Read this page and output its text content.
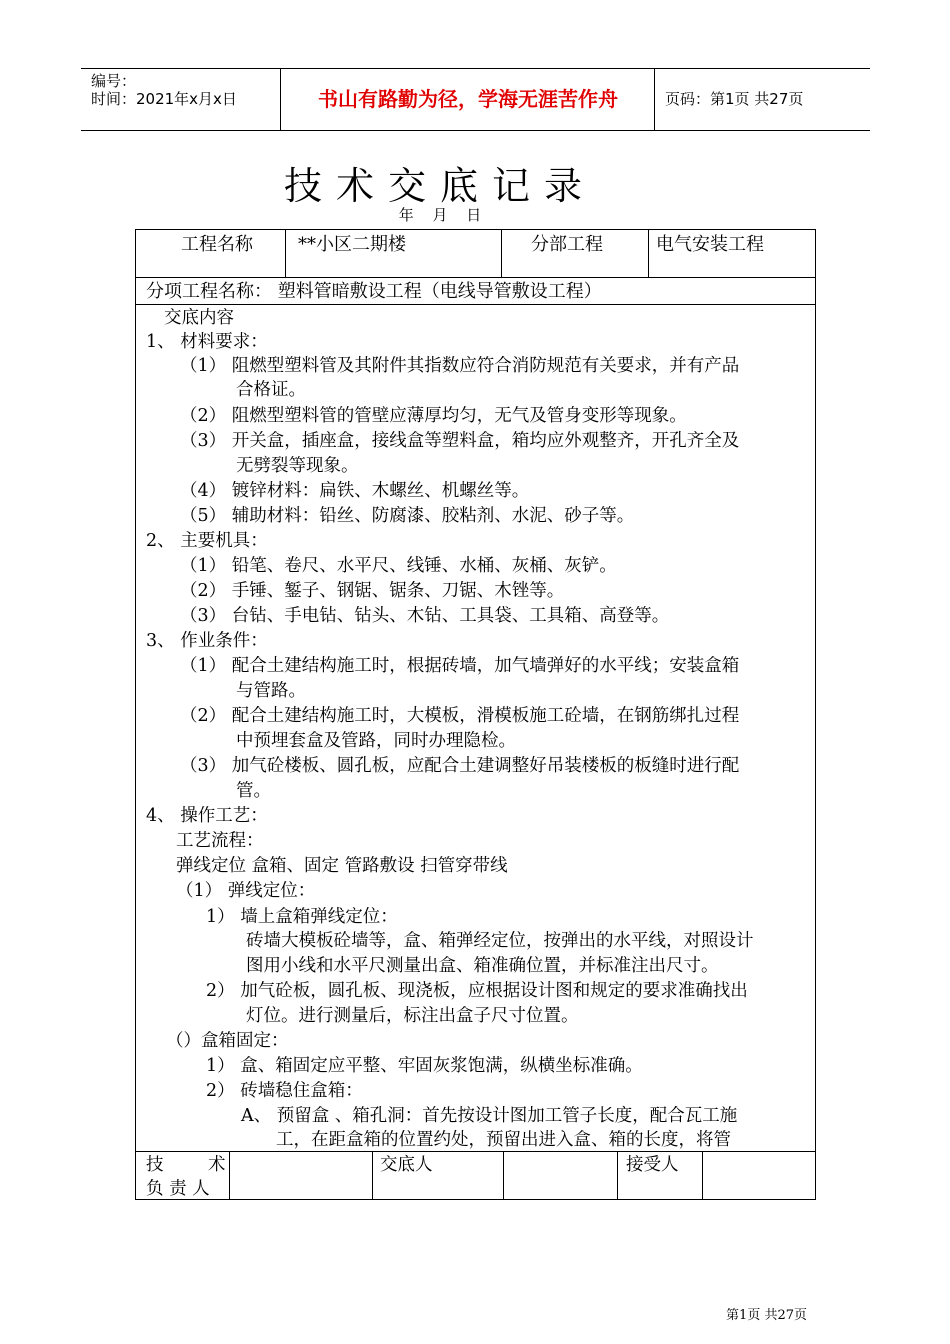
编号：
时间：2021年x月x日	书山有路勤为径，学海无涯苦作舟	页码：第1页 共27页
技术交底记录
年 月 日
工程名称	**小区二期楼	分部工程	电气安装工程
分项工程名称： 塑料管暗敷设工程（电线导管敷设工程）
交底内容
1、 材料要求：
（1） 阻燃型塑料管及其附件其指数应符合消防规范有关要求，并有产品
合格证。
（2） 阻燃型塑料管的管壁应薄厚均匀，无气及管身变形等现象。
（3） 开关盒，插座盒，接线盒等塑料盒，箱均应外观整齐，开孔齐全及
无劈裂等现象。
（4） 镀锌材料：扁铁、木螺丝、机螺丝等。
（5） 辅助材料：铅丝、防腐漆、胶粘剂、水泥、砂子等。
2、 主要机具：
（1） 铅笔、卷尺、水平尺、线锤、水桶、灰桶、灰铲。
（2） 手锤、錾子、钢锯、锯条、刀锯、木锉等。
（3） 台钻、手电钻、钻头、木钻、工具袋、工具箱、高登等。
3、 作业条件：
（1） 配合土建结构施工时，根据砖墙，加气墙弹好的水平线；安装盒箱
与管路。
（2） 配合土建结构施工时，大模板，滑模板施工砼墙，在钢筋绑扎过程
中预埋套盒及管路，同时办理隐检。
（3） 加气砼楼板、圆孔板，应配合土建调整好吊装楼板的板缝时进行配
管。
4、 操作工艺：
工艺流程：
弹线定位 盒箱、固定 管路敷设 扫管穿带线
（1） 弹线定位：
1） 墙上盒箱弹线定位：
砖墙大模板砼墙等，盒、箱弹经定位，按弹出的水平线，对照设计
图用小线和水平尺测量出盒、箱准确位置，并标准注出尺寸。
2） 加气砼板，圆孔板、现浇板，应根据设计图和规定的要求准确找出
灯位。进行测量后，标注出盒子尺寸位置。
（）盒箱固定：
1） 盒、箱固定应平整、牢固灰浆饱满，纵横坐标准确。
2） 砖墙稳住盒箱：
A、 预留盒 、箱孔洞：首先按设计图加工管子长度，配合瓦工施
工，在距盒箱的位置约处，预留出进入盒、箱的长度，将管
技        术
负 责 人
交底人	接受人
第1页 共27页
